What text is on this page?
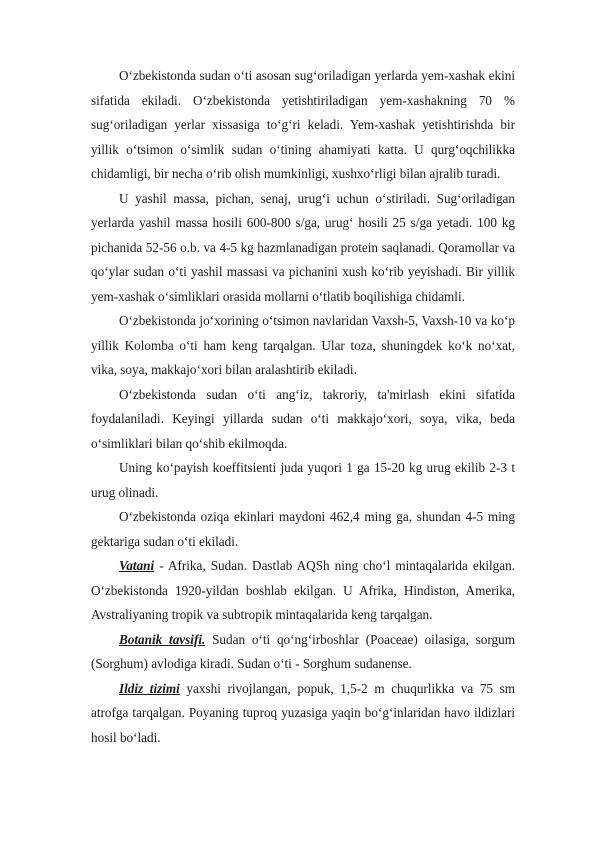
O‘zbekistonda sudan o‘ti asosan sug‘oriladigan yerlarda yem-xashak ekini sifatida ekiladi. O‘zbekistonda yetishtiriladigan yem-xashakning 70 % sug‘oriladigan yerlar xissasiga to‘g‘ri keladi. Yem-xashak yetishtirishda bir yillik o‘tsimon o‘simlik sudan o‘tining ahamiyati katta. U qurg‘oqchilikka chidamligi, bir necha o‘rib olish mumkinligi, xushxo‘rligi bilan ajralib turadi.

U yashil massa, pichan, senaj, urug‘i uchun o‘stiriladi. Sug‘oriladigan yerlarda yashil massa hosili 600-800 s/ga, urug‘ hosili 25 s/ga yetadi. 100 kg pichanida 52-56 o.b. va 4-5 kg hazmlanadigan protein saqlanadi. Qoramollar va qo‘ylar sudan o‘ti yashil massasi va pichanini xush ko‘rib yeyishadi. Bir yillik yem-xashak o‘simliklari orasida mollarni o‘tlatib boqilishiga chidamli.

O‘zbekistonda jo‘xorining o‘tsimon navlaridan Vaxsh-5, Vaxsh-10 va ko‘p yillik Kolomba o‘ti ham keng tarqalgan. Ular toza, shuningdek ko‘k no‘xat, vika, soya, makkajo‘xori bilan aralashtirib ekiladi.

O‘zbekistonda sudan o‘ti ang‘iz, takroriy, ta'mirlash ekini sifatida foydalaniladi. Keyingi yillarda sudan o‘ti makkajo‘xori, soya, vika, beda o‘simliklari bilan qo‘shib ekilmoqda.

Uning ko‘payish koeffitsienti juda yuqori 1 ga 15-20 kg urug ekilib 2-3 t urug olinadi.

O‘zbekistonda oziqa ekinlari maydoni 462,4 ming ga, shundan 4-5 ming gektariga sudan o‘ti ekiladi.

Vatani - Afrika, Sudan. Dastlab AQSh ning cho‘l mintaqalarida ekilgan. O‘zbekistonda 1920-yildan boshlab ekilgan. U Afrika, Hindiston, Amerika, Avstraliyaning tropik va subtropik mintaqalarida keng tarqalgan.

Botanik tavsifi. Sudan o‘ti qo‘ng‘irboshlar (Poaceae) oilasiga, sorgum (Sorghum) avlodiga kiradi. Sudan o‘ti - Sorghum sudanense.

Ildiz tizimi yaxshi rivojlangan, popuk, 1,5-2 m chuqurlikka va 75 sm atrofga tarqalgan. Poyaning tuproq yuzasiga yaqin bo‘g‘inlaridan havo ildizlari hosil bo‘ladi.
